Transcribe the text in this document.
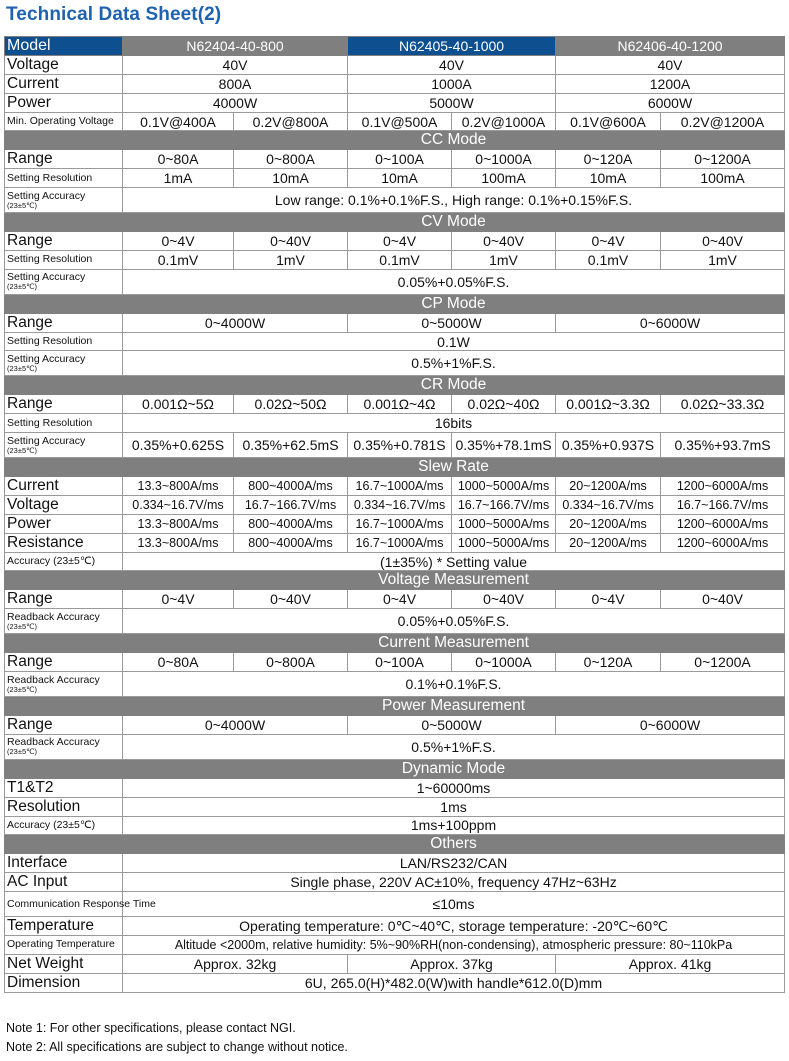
Technical Data Sheet(2)
Model	N62404-40-800		N62405-40-1000		N62406-40-1200	
Voltage	40V		40V		40V	
Current	800A		1000A		1200A	
Power	4000W		5000W		6000W	
Min. Operating Voltage	0.1V@400A	0.2V@800A	0.1V@500A	0.2V@1000A	0.1V@600A	0.2V@1200A
	CC Mode					
Range	0~80A	0~800A	0~100A	0~1000A	0~120A	0~1200A
Setting Resolution	1mA	10mA	10mA	100mA	10mA	100mA

Setting Accuracy
(23±5℃)	Low range: 0.1%+0.1%F.S., High range: 0.1%+0.15%F.S.					
	CV Mode					
Range	0~4V	0~40V	0~4V	0~40V	0~4V	0~40V
Setting Resolution	0.1mV	1mV	0.1mV	1mV	0.1mV	1mV

Setting Accuracy
(23±5℃)	0.05%+0.05%F.S.					
	CP Mode					
Range	0~4000W		0~5000W		0~6000W	
Setting Resolution	0.1W					

Setting Accuracy
(23±5℃)	0.5%+1%F.S.					
	CR Mode					
Range	0.001Ω~5Ω	0.02Ω~50Ω	0.001Ω~4Ω	0.02Ω~40Ω	0.001Ω~3.3Ω	0.02Ω~33.3Ω
Setting Resolution	16bits					

Setting Accuracy
(23±5℃)	0.35%+0.625S	0.35%+62.5mS	0.35%+0.781S	0.35%+78.1mS	0.35%+0.937S	0.35%+93.7mS
	Slew Rate					
Current	13.3~800A/ms	800~4000A/ms	16.7~1000A/ms	1000~5000A/ms	20~1200A/ms	1200~6000A/ms
Voltage	0.334~16.7V/ms	16.7~166.7V/ms	0.334~16.7V/ms	16.7~166.7V/ms	0.334~16.7V/ms	16.7~166.7V/ms
Power	13.3~800A/ms	800~4000A/ms	16.7~1000A/ms	1000~5000A/ms	20~1200A/ms	1200~6000A/ms
Resistance	13.3~800A/ms	800~4000A/ms	16.7~1000A/ms	1000~5000A/ms	20~1200A/ms	1200~6000A/ms
Accuracy (23±5℃)	(1±35%) * Setting value					
	Voltage Measurement					
Range	0~4V	0~40V	0~4V	0~40V	0~4V	0~40V

Readback Accuracy
(23±5℃)	0.05%+0.05%F.S.					
	Current Measurement					
Range	0~80A	0~800A	0~100A	0~1000A	0~120A	0~1200A

Readback Accuracy
(23±5℃)	0.1%+0.1%F.S.					
	Power Measurement					
Range	0~4000W		0~5000W		0~6000W	

Readback Accuracy
(23±5℃)	0.5%+1%F.S.					
	Dynamic Mode					
T1&T2	1~60000ms					
Resolution	1ms					
Accuracy (23±5℃)	1ms+100ppm					
	Others					
Interface	LAN/RS232/CAN					
AC Input	Single phase, 220V AC±10%, frequency 47Hz~63Hz					
Communication Response Time	≤10ms					
Temperature	Operating temperature: 0℃~40℃, storage temperature: -20℃~60℃					
Operating Temperature	Altitude <2000m, relative humidity: 5%~90%RH(non-condensing), atmospheric pressure: 80~110kPa					
Net Weight	Approx. 32kg		Approx. 37kg		Approx. 41kg	
Dimension	6U, 265.0(H)*482.0(W)with handle*612.0(D)mm					
Note 1: For other specifications, please contact NGI.
Note 2: All specifications are subject to change without notice.
